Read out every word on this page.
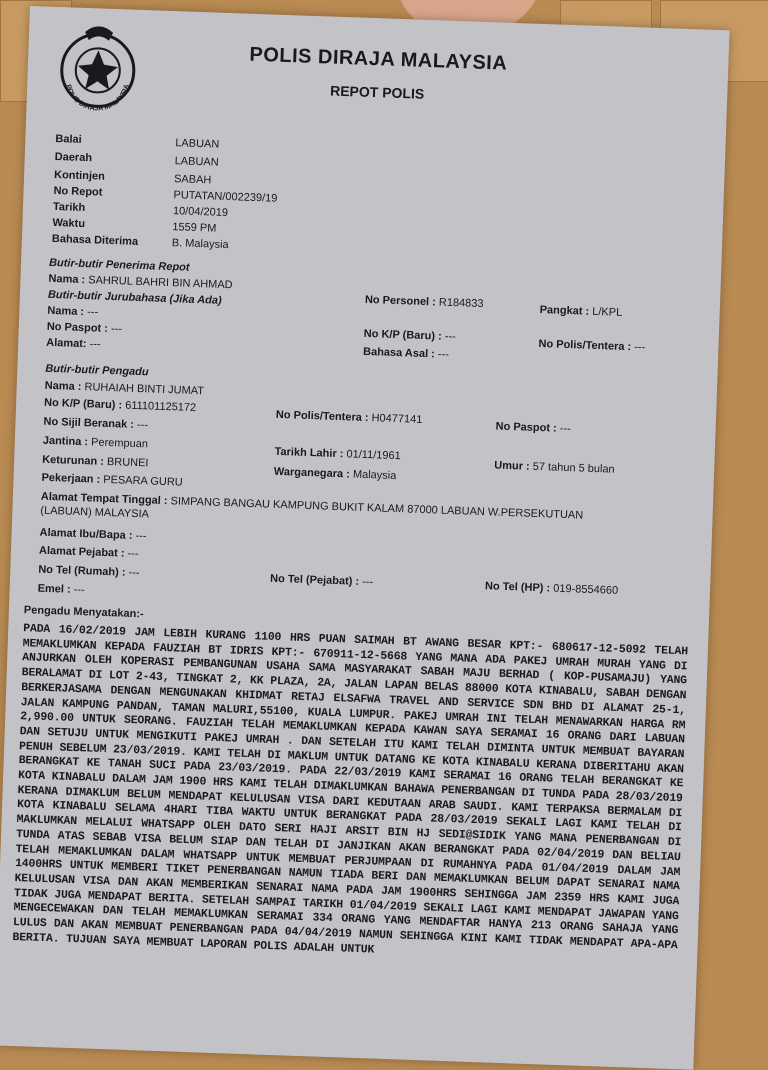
POLIS DIRAJA MALAYSIA
POLIS DIRAJA MALAYSIA
REPOT POLIS
Balai	LABUAN
Daerah	LABUAN
Kontinjen	SABAH
No Repot	PUTATAN/002239/19
Tarikh	10/04/2019
Waktu	1559 PM
Bahasa Diterima	B. Malaysia
Butir-butir Penerima Repot
Nama : SAHRUL BAHRI BIN AHMAD
No Personel : R184833
Pangkat : L/KPL
Butir-butir Jurubahasa (Jika Ada)
Nama : ---
No Paspot : ---	No K/P (Baru) : ---
No Polis/Tentera : ---
Alamat: ---
Bahasa Asal : ---
Butir-butir Pengadu
Nama : RUHAIAH BINTI JUMAT
No K/P (Baru) : 611101125172
No Polis/Tentera : H0477141
No Paspot : ---
No Sijil Beranak : ---
Jantina : Perempuan
Tarikh Lahir : 01/11/1961
Umur : 57 tahun 5 bulan
Keturunan : BRUNEI
Warganegara : Malaysia
Pekerjaan : PESARA GURU
Alamat Tempat Tinggal : SIMPANG BANGAU KAMPUNG BUKIT KALAM 87000 LABUAN W.PERSEKUTUAN
(LABUAN) MALAYSIA
Alamat Ibu/Bapa : ---
Alamat Pejabat : ---
No Tel (Rumah) : ---	No Tel (Pejabat) : ---	No Tel (HP) : 019-8554660
Emel : ---
Pengadu Menyatakan:-
PADA 16/02/2019 JAM LEBIH KURANG 1100 HRS PUAN SAIMAH BT AWANG BESAR KPT:- 680617-12-5092 TELAH MEMAKLUMKAN KEPADA FAUZIAH BT IDRIS KPT:- 670911-12-5668 YANG MANA ADA PAKEJ UMRAH MURAH YANG DI ANJURKAN OLEH KOPERASI PEMBANGUNAN USAHA SAMA MASYARAKAT SABAH MAJU BERHAD ( KOP-PUSAMAJU) YANG BERALAMAT DI LOT 2-43, TINGKAT 2, KK PLAZA, 2A, JALAN LAPAN BELAS 88000 KOTA KINABALU, SABAH DENGAN BERKERJASAMA DENGAN MENGUNAKAN KHIDMAT RETAJ ELSAFWA TRAVEL AND SERVICE SDN BHD DI ALAMAT 25-1, JALAN KAMPUNG PANDAN, TAMAN MALURI,55100, KUALA LUMPUR. PAKEJ UMRAH INI TELAH MENAWARKAN HARGA RM 2,990.00 UNTUK SEORANG. FAUZIAH TELAH MEMAKLUMKAN KEPADA KAWAN SAYA SERAMAI 16 ORANG DARI LABUAN DAN SETUJU UNTUK MENGIKUTI PAKEJ UMRAH . DAN SETELAH ITU KAMI TELAH DIMINTA UNTUK MEMBUAT BAYARAN PENUH SEBELUM 23/03/2019. KAMI TELAH DI MAKLUM UNTUK DATANG KE KOTA KINABALU KERANA DIBERITAHU AKAN BERANGKAT KE TANAH SUCI PADA 23/03/2019. PADA 22/03/2019 KAMI SERAMAI 16 ORANG TELAH BERANGKAT KE KOTA KINABALU DALAM JAM 1900 HRS KAMI TELAH DIMAKLUMKAN BAHAWA PENERBANGAN DI TUNDA PADA 28/03/2019 KERANA DIMAKLUM BELUM MENDAPAT KELULUSAN VISA DARI KEDUTAAN ARAB SAUDI. KAMI TERPAKSA BERMALAM DI KOTA KINABALU SELAMA 4HARI TIBA WAKTU UNTUK BERANGKAT PADA 28/03/2019 SEKALI LAGI KAMI TELAH DI MAKLUMKAN MELALUI WHATSAPP OLEH DATO SERI HAJI ARSIT BIN HJ SEDI@SIDIK YANG MANA PENERBANGAN DI TUNDA ATAS SEBAB VISA BELUM SIAP DAN TELAH DI JANJIKAN AKAN BERANGKAT PADA 02/04/2019 DAN BELIAU TELAH MEMAKLUMKAN DALAM WHATSAPP UNTUK MEMBUAT PERJUMPAAN DI RUMAHNYA PADA 01/04/2019 DALAM JAM 1400HRS UNTUK MEMBERI TIKET PENERBANGAN NAMUN TIADA BERI DAN MEMAKLUMKAN BELUM DAPAT SENARAI NAMA KELULUSAN VISA DAN AKAN MEMBERIKAN SENARAI NAMA PADA JAM 1900HRS SEHINGGA JAM 2359 HRS KAMI JUGA TIDAK JUGA MENDAPAT BERITA. SETELAH SAMPAI TARIKH 01/04/2019 SEKALI LAGI KAMI MENDAPAT JAWAPAN YANG MENGECEWAKAN DAN TELAH MEMAKLUMKAN SERAMAI 334 ORANG YANG MENDAFTAR HANYA 213 ORANG SAHAJA YANG LULUS DAN AKAN MEMBUAT PENERBANGAN PADA 04/04/2019 NAMUN SEHINGGA KINI KAMI TIDAK MENDAPAT APA-APA BERITA. TUJUAN SAYA MEMBUAT LAPORAN POLIS ADALAH UNTUK
